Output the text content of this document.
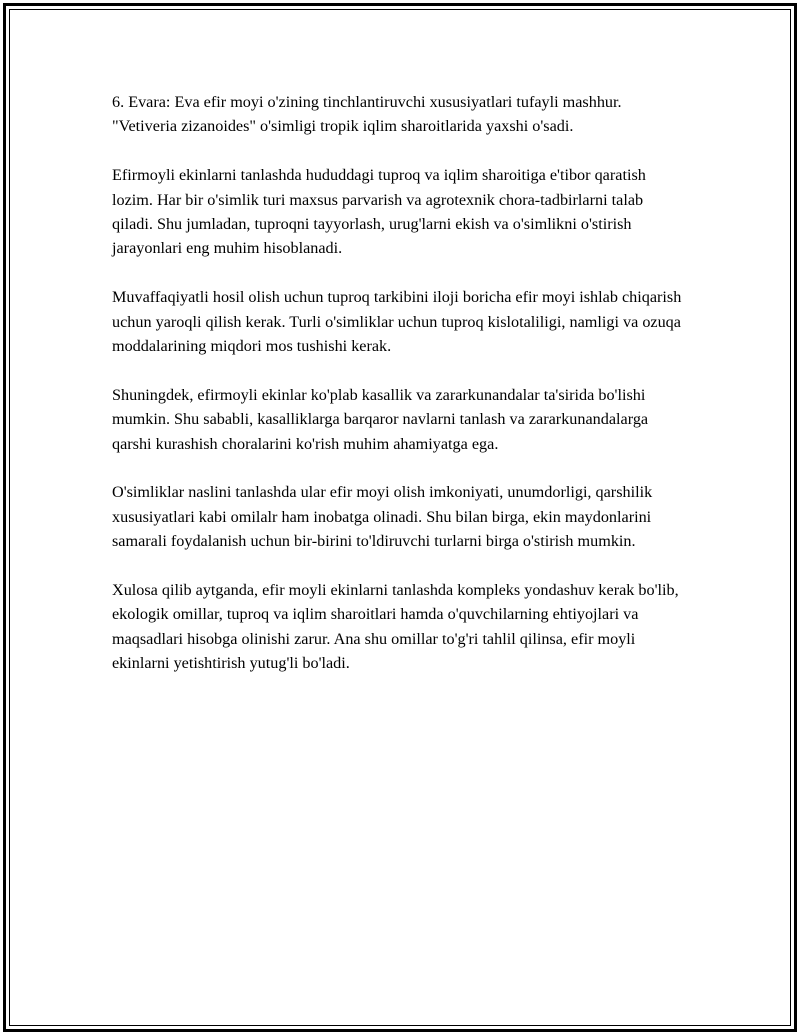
6. Evara: Eva efir moyi o'zining tinchlantiruvchi xususiyatlari tufayli mashhur. "Vetiveria zizanoides" o'simligi tropik iqlim sharoitlarida yaxshi o'sadi.

Efirmoyli ekinlarni tanlashda hududdagi tuproq va iqlim sharoitiga e'tibor qaratish lozim. Har bir o'simlik turi maxsus parvarish va agrotexnik chora-tadbirlarni talab qiladi. Shu jumladan, tuproqni tayyorlash, urug'larni ekish va o'simlikni o'stirish jarayonlari eng muhim hisoblanadi.

Muvaffaqiyatli hosil olish uchun tuproq tarkibini iloji boricha efir moyi ishlab chiqarish uchun yaroqli qilish kerak. Turli o'simliklar uchun tuproq kislotaliligi, namligi va ozuqa moddalarining miqdori mos tushishi kerak.

Shuningdek, efirmoyli ekinlar ko'plab kasallik va zararkunandalar ta'sirida bo'lishi mumkin. Shu sababli, kasalliklarga barqaror navlarni tanlash va zararkunandalarga qarshi kurashish choralarini ko'rish muhim ahamiyatga ega.

O'simliklar naslini tanlashda ular efir moyi olish imkoniyati, unumdorligi, qarshilik xususiyatlari kabi omilalr ham inobatga olinadi. Shu bilan birga, ekin maydonlarini samarali foydalanish uchun bir-birini to'ldiruvchi turlarni birga o'stirish mumkin.

Xulosa qilib aytganda, efir moyli ekinlarni tanlashda kompleks yondashuv kerak bo'lib, ekologik omillar, tuproq va iqlim sharoitlari hamda o'quvchilarning ehtiyojlari va maqsadlari hisobga olinishi zarur. Ana shu omillar to'g'ri tahlil qilinsa, efir moyli ekinlarni yetishtirish yutug'li bo'ladi.
